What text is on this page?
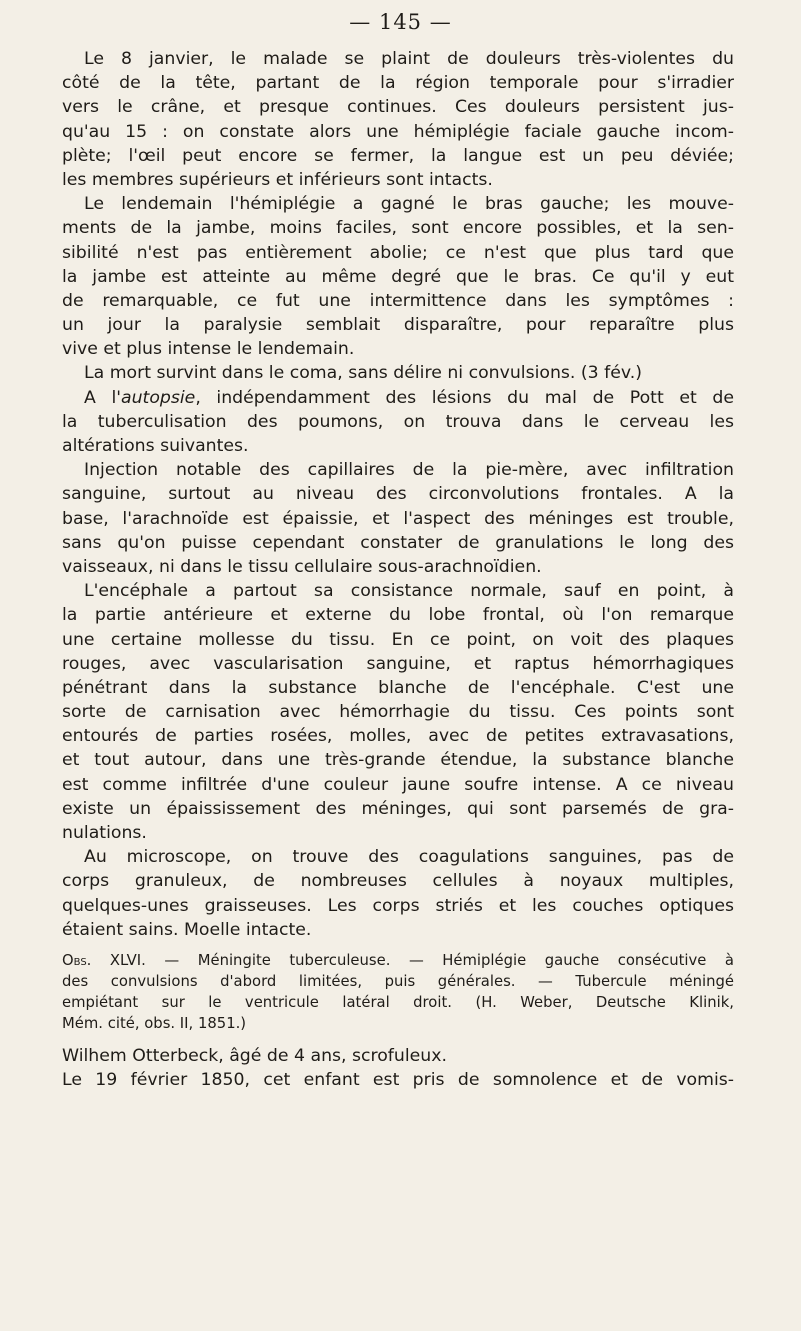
— 145 —
Le 8 janvier, le malade se plaint de douleurs très-violentes du
côté de la tête, partant de la région temporale pour s'irradier
vers le crâne, et presque continues. Ces douleurs persistent jus-
qu'au 15 : on constate alors une hémiplégie faciale gauche incom-
plète; l'œil peut encore se fermer, la langue est un peu déviée;
les membres supérieurs et inférieurs sont intacts.
Le lendemain l'hémiplégie a gagné le bras gauche; les mouve-
ments de la jambe, moins faciles, sont encore possibles, et la sen-
sibilité n'est pas entièrement abolie; ce n'est que plus tard que
la jambe est atteinte au même degré que le bras. Ce qu'il y eut
de remarquable, ce fut une intermittence dans les symptômes :
un jour la paralysie semblait disparaître, pour reparaître plus
vive et plus intense le lendemain.
La mort survint dans le coma, sans délire ni convulsions. (3 fév.)
A l'autopsie, indépendamment des lésions du mal de Pott et de
la tuberculisation des poumons, on trouva dans le cerveau les
altérations suivantes.
Injection notable des capillaires de la pie-mère, avec infiltration
sanguine, surtout au niveau des circonvolutions frontales. A la
base, l'arachnoïde est épaissie, et l'aspect des méninges est trouble,
sans qu'on puisse cependant constater de granulations le long des
vaisseaux, ni dans le tissu cellulaire sous-arachnoïdien.
L'encéphale a partout sa consistance normale, sauf en point, à
la partie antérieure et externe du lobe frontal, où l'on remarque
une certaine mollesse du tissu. En ce point, on voit des plaques
rouges, avec vascularisation sanguine, et raptus hémorrhagiques
pénétrant dans la substance blanche de l'encéphale. C'est une
sorte de carnisation avec hémorrhagie du tissu. Ces points sont
entourés de parties rosées, molles, avec de petites extravasations,
et tout autour, dans une très-grande étendue, la substance blanche
est comme infiltrée d'une couleur jaune soufre intense. A ce niveau
existe un épaississement des méninges, qui sont parsemés de gra-
nulations.
Au microscope, on trouve des coagulations sanguines, pas de
corps granuleux, de nombreuses cellules à noyaux multiples,
quelques-unes graisseuses. Les corps striés et les couches optiques
étaient sains. Moelle intacte.
Obs. XLVI. — Méningite tuberculeuse. — Hémiplégie gauche consécutive à
des convulsions d'abord limitées, puis générales. — Tubercule méningé
empiétant sur le ventricule latéral droit. (H. Weber, Deutsche Klinik,
Mém. cité, obs. II, 1851.)
Wilhem Otterbeck, âgé de 4 ans, scrofuleux.
Le 19 février 1850, cet enfant est pris de somnolence et de vomis-
